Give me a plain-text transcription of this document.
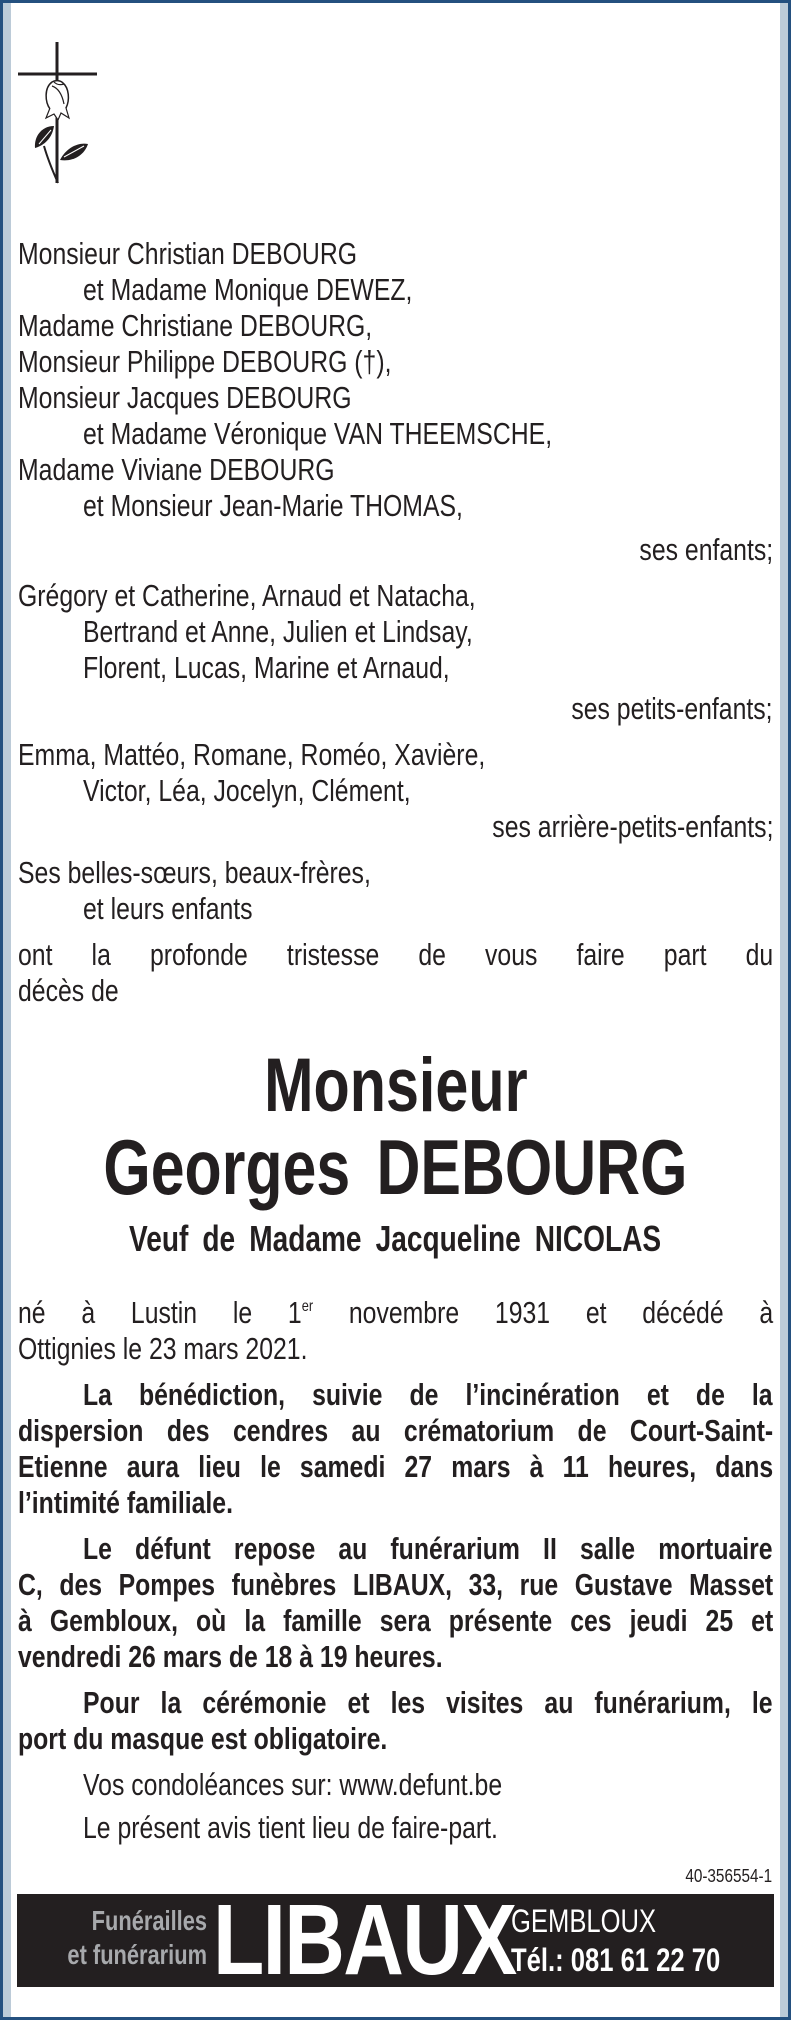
Monsieur Christian DEBOURG
et Madame Monique DEWEZ,
Madame Christiane DEBOURG,
Monsieur Philippe DEBOURG (†),
Monsieur Jacques DEBOURG
et Madame Véronique VAN THEEMSCHE,
Madame Viviane DEBOURG
et Monsieur Jean-Marie THOMAS,
ses enfants;
Grégory et Catherine, Arnaud et Natacha,
Bertrand et Anne, Julien et Lindsay,
Florent, Lucas, Marine et Arnaud,
ses petits-enfants;
Emma, Mattéo, Romane, Roméo, Xavière,
Victor, Léa, Jocelyn, Clément,
ses arrière-petits-enfants;
Ses belles-sœurs, beaux-frères,
et leurs enfants
ont la profonde tristesse de vous faire part du
décès de
Monsieur
Georges DEBOURG
Veuf de Madame Jacqueline NICOLAS
né à Lustin le 1er novembre 1931 et décédé à
Ottignies le 23 mars 2021.
La bénédiction, suivie de l’incinération et de la
dispersion des cendres au crématorium de Court-Saint-
Etienne aura lieu le samedi 27 mars à 11 heures, dans
l’intimité familiale.
Le défunt repose au funérarium II salle mortuaire
C, des Pompes funèbres LIBAUX, 33, rue Gustave Masset
à Gembloux, où la famille sera présente ces jeudi 25 et
vendredi 26 mars de 18 à 19 heures.
Pour la cérémonie et les visites au funérarium, le
port du masque est obligatoire.
Vos condoléances sur: www.defunt.be
Le présent avis tient lieu de faire-part.
40-356554-1
Funérailles
et funérarium LIBAUX
GEMBLOUX
Tél.: 081 61 22 70
